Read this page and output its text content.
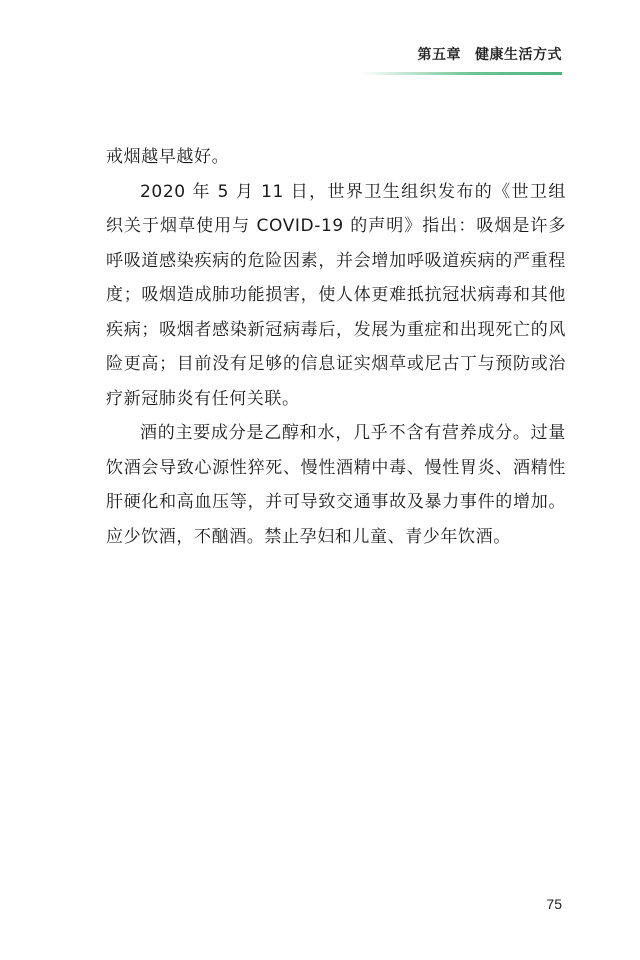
第五章 健康生活方式

戒烟越早越好。

2020 年 5 月 11 日，世界卫生组织发布的《世卫组织关于烟草使用与 COVID-19 的声明》指出：吸烟是许多呼吸道感染疾病的危险因素，并会增加呼吸道疾病的严重程度；吸烟造成肺功能损害，使人体更难抵抗冠状病毒和其他疾病；吸烟者感染新冠病毒后，发展为重症和出现死亡的风险更高；目前没有足够的信息证实烟草或尼古丁与预防或治疗新冠肺炎有任何关联。

酒的主要成分是乙醇和水，几乎不含有营养成分。过量饮酒会导致心源性猝死、慢性酒精中毒、慢性胃炎、酒精性肝硬化和高血压等，并可导致交通事故及暴力事件的增加。应少饮酒，不酗酒。禁止孕妇和儿童、青少年饮酒。

75
